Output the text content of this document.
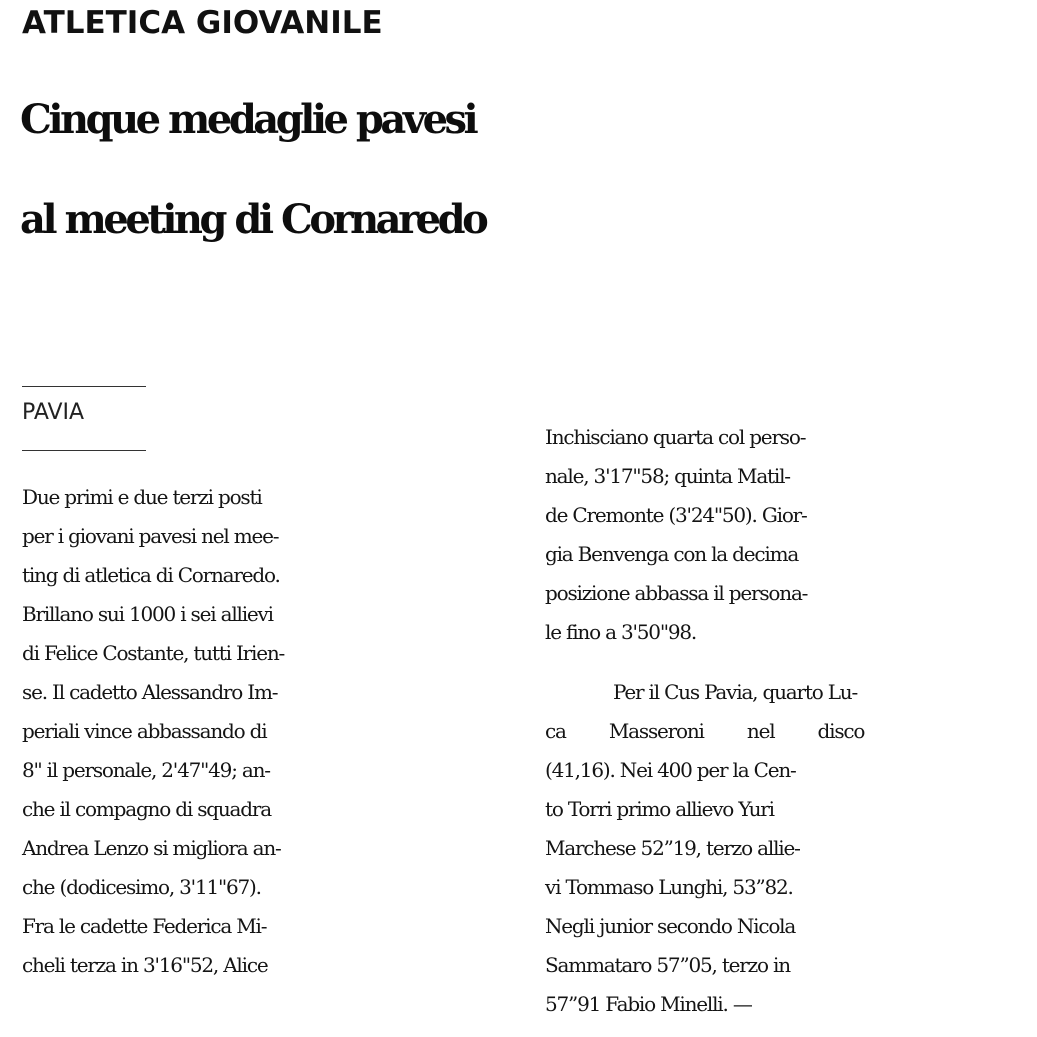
ATLETICA GIOVANILE
Cinque medaglie pavesi
al meeting di Cornaredo
PAVIA
Due primi e due terzi posti
per i giovani pavesi nel mee-
ting di atletica di Cornaredo.
Brillano sui 1000 i sei allievi
di Felice Costante, tutti Irien-
se. Il cadetto Alessandro Im-
periali vince abbassando di
8" il personale, 2'47"49; an-
che il compagno di squadra
Andrea Lenzo si migliora an-
che (dodicesimo, 3'11"67).
Fra le cadette Federica Mi-
cheli terza in 3'16"52, Alice
Inchisciano quarta col perso-
nale, 3'17"58; quinta Matil-
de Cremonte (3'24"50). Gior-
gia Benvenga con la decima
posizione abbassa il persona-
le fino a 3'50"98.
Per il Cus Pavia, quarto Lu-
ca Masseroni nel disco
(41,16). Nei 400 per la Cen-
to Torri primo allievo Yuri
Marchese 52”19, terzo allie-
vi Tommaso Lunghi, 53”82.
Negli junior secondo Nicola
Sammataro 57”05, terzo in
57”91 Fabio Minelli. —
